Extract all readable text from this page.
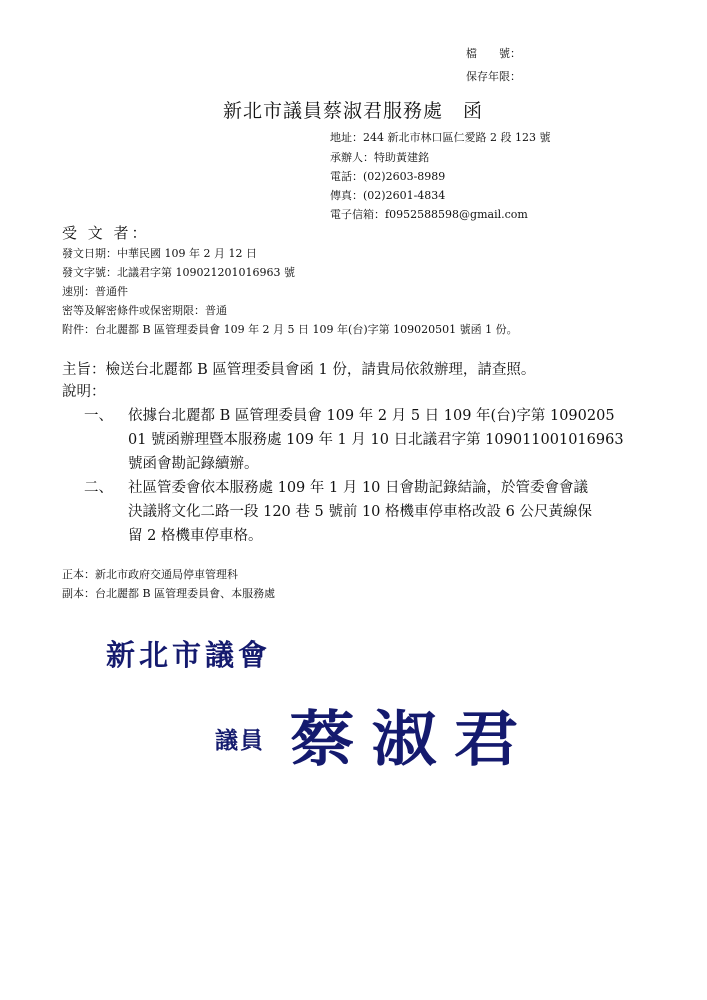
檔　　號：
保存年限：
新北市議員蔡淑君服務處　函
地址：244 新北市林口區仁愛路 2 段 123 號
承辦人：特助黃建銘
電話：(02)2603-8989
傳真：(02)2601-4834
電子信箱：f0952588598@gmail.com
受 文 者：
發文日期：中華民國 109 年 2 月 12 日
發文字號：北議君字第 109021201016963 號
速別：普通件
密等及解密條件或保密期限：普通
附件：台北麗都 B 區管理委員會 109 年 2 月 5 日 109 年(台)字第 109020501 號函 1 份。
主旨：檢送台北麗都 B 區管理委員會函 1 份，請貴局依敘辦理，請查照。
說明：
一、 依據台北麗都 B 區管理委員會 109 年 2 月 5 日 109 年(台)字第 1090205
01 號函辦理暨本服務處 109 年 1 月 10 日北議君字第 109011001016963
號函會勘記錄續辦。
二、 社區管委會依本服務處 109 年 1 月 10 日會勘記錄結論，於管委會會議
決議將文化二路一段 120 巷 5 號前 10 格機車停車格改設 6 公尺黃線保
留 2 格機車停車格。
正本：新北市政府交通局停車管理科
副本：台北麗都 B 區管理委員會、本服務處
新北市議會
議員 蔡 淑 君
